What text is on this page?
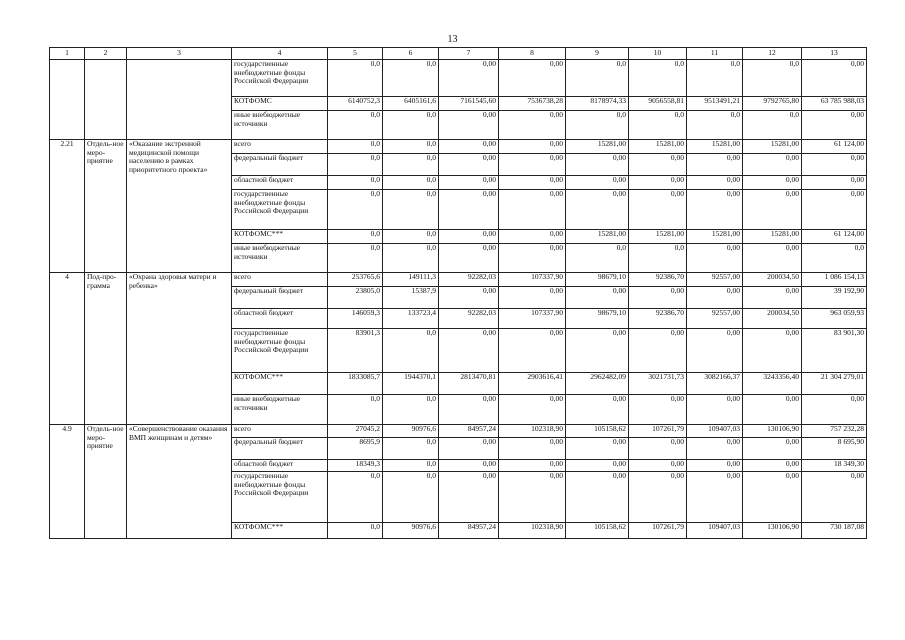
13
1	2	3	4	5	6	7	8	9	10	11	12	13
			государственные внебюджетные фонды Российской Федерации	0,0	0,0	0,00	0,00	0,0	0,0	0,0	0,0	0,00
			КОТФОМС	6140752,3	6405161,6	7161545,60	7536738,28	8178974,33	9056558,81	9513491,21	9792765,80	63 785 988,03
			иные внебюджетные источники	0,0	0,0	0,00	0,00	0,0	0,0	0,0	0,0	0,00
2.21	Отдель-ное меро-приятие	«Оказание экстренной медицинской помощи населению в рамках приоритетного проекта»	всего	0,0	0,0	0,00	0,00	15281,00	15281,00	15281,00	15281,00	61 124,00
			федеральный бюджет	0,0	0,0	0,00	0,00	0,00	0,00	0,00	0,00	0,00
			областной бюджет	0,0	0,0	0,00	0,00	0,00	0,00	0,00	0,00	0,00
			государственные внебюджетные фонды Российской Федерации	0,0	0,0	0,00	0,00	0,00	0,00	0,00	0,00	0,00
			КОТФОМС***	0,0	0,0	0,00	0,00	15281,00	15281,00	15281,00	15281,00	61 124,00
			иные внебюджетные источники	0,0	0,0	0,00	0,00	0,0	0,0	0,00	0,00	0,0
4	Под-про-грамма	«Охрана здоровья матери и ребенка»	всего	253765,6	149111,3	92282,03	107337,90	98679,10	92386,70	92557,00	200034,50	1 086 154,13
			федеральный бюджет	23805,0	15387,9	0,00	0,00	0,00	0,00	0,00	0,00	39 192,90
			областной бюджет	146059,3	133723,4	92282,03	107337,90	98679,10	92386,70	92557,00	200034,50	963 059,93
			государственные внебюджетные фонды Российской Федерации	83901,3	0,0	0,00	0,00	0,00	0,00	0,00	0,00	83 901,30
			КОТФОМС***	1833085,7	1944370,1	2813470,81	2903616,41	2962482,09	3021731,73	3082166,37	3243356,40	21 304 279,01
			иные внебюджетные источники	0,0	0,0	0,00	0,00	0,00	0,00	0,00	0,00	0,00
4.9	Отдель-ное меро-приятие	«Совершенствование оказания ВМП женщинам и детям»	всего	27045,2	90976,6	84957,24	102318,90	105158,62	107261,79	109407,03	130106,90	757 232,28
			федеральный бюджет	8695,9	0,0	0,00	0,00	0,00	0,00	0,00	0,00	8 695,90
			областной бюджет	18349,3	0,0	0,00	0,00	0,00	0,00	0,00	0,00	18 349,30
			государственные внебюджетные фонды Российской Федерации	0,0	0,0	0,00	0,00	0,00	0,00	0,00	0,00	0,00
			КОТФОМС***	0,0	90976,6	84957,24	102318,90	105158,62	107261,79	109407,03	130106,90	730 187,08
